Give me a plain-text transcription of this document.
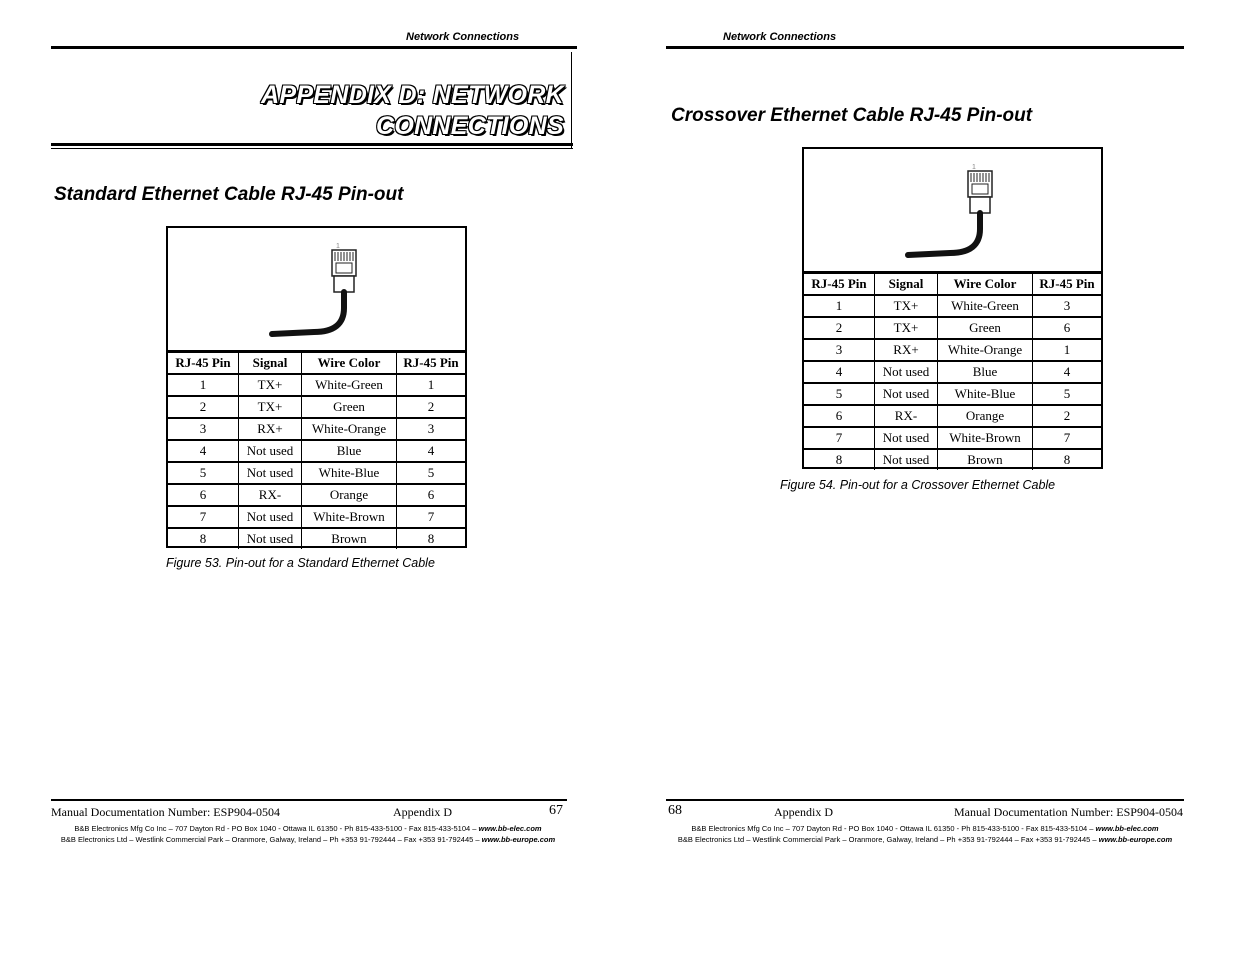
Network Connections
APPENDIX D: NETWORK
CONNECTIONS
Standard Ethernet Cable RJ-45 Pin-out
1
RJ-45 Pin	Signal	Wire Color	RJ-45 Pin
1	TX+	White-Green	1
2	TX+	Green	2
3	RX+	White-Orange	3
4	Not used	Blue	4
5	Not used	White-Blue	5
6	RX-	Orange	6
7	Not used	White-Brown	7
8	Not used	Brown	8
Figure 53. Pin-out for a Standard Ethernet Cable
Manual Documentation Number: ESP904-0504	Appendix D	67
B&B Electronics Mfg Co Inc – 707 Dayton Rd - PO Box 1040 - Ottawa IL 61350 - Ph 815-433-5100 - Fax 815-433-5104 – www.bb-elec.com
B&B Electronics Ltd – Westlink Commercial Park – Oranmore, Galway, Ireland – Ph +353 91-792444 – Fax +353 91-792445 – www.bb-europe.com
Network Connections
Crossover Ethernet Cable RJ-45 Pin-out
1
RJ-45 Pin	Signal	Wire Color	RJ-45 Pin
1	TX+	White-Green	3
2	TX+	Green	6
3	RX+	White-Orange	1
4	Not used	Blue	4
5	Not used	White-Blue	5
6	RX-	Orange	2
7	Not used	White-Brown	7
8	Not used	Brown	8
Figure 54. Pin-out for a Crossover Ethernet Cable
68	Appendix D	Manual Documentation Number: ESP904-0504
B&B Electronics Mfg Co Inc – 707 Dayton Rd - PO Box 1040 - Ottawa IL 61350 - Ph 815-433-5100 - Fax 815-433-5104 – www.bb-elec.com
B&B Electronics Ltd – Westlink Commercial Park – Oranmore, Galway, Ireland – Ph +353 91-792444 – Fax +353 91-792445 – www.bb-europe.com
